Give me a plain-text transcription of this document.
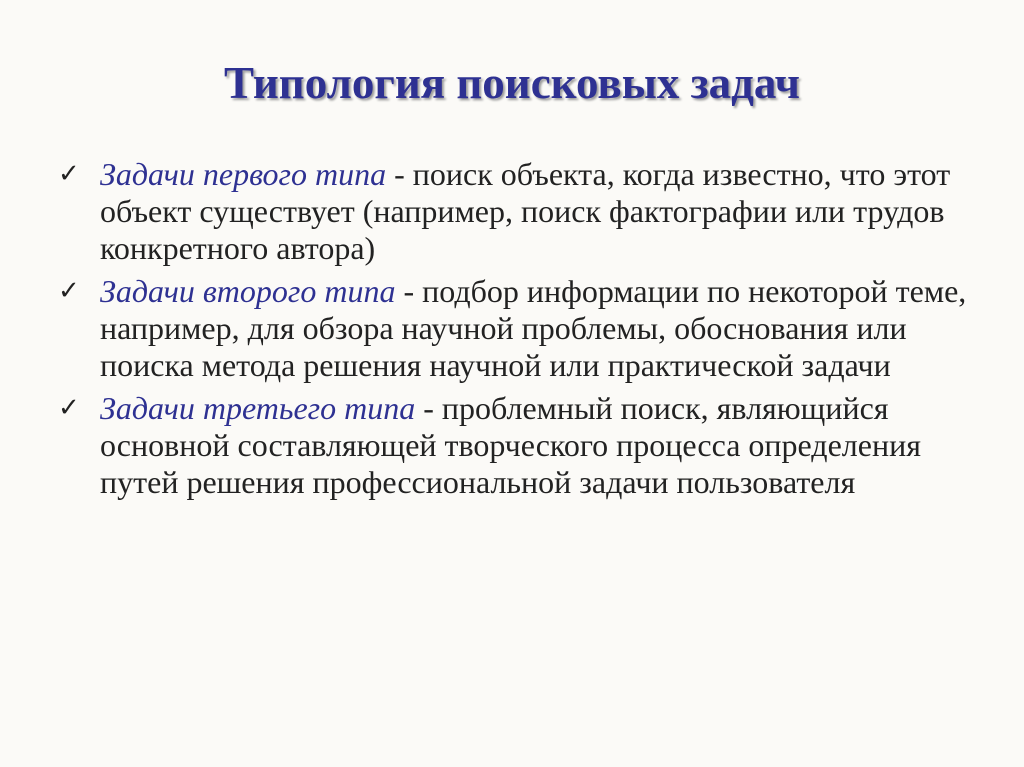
Типология поисковых задач
✓ Задачи первого типа - поиск объекта, когда известно, что этот объект существует (например, поиск фактографии или трудов конкретного автора)
✓ Задачи второго типа - подбор информации по некоторой теме, например, для обзора научной проблемы, обоснования или поиска метода решения научной или практической задачи
✓ Задачи третьего типа - проблемный поиск, являющийся основной составляющей творческого процесса определения путей решения профессиональной задачи пользователя
